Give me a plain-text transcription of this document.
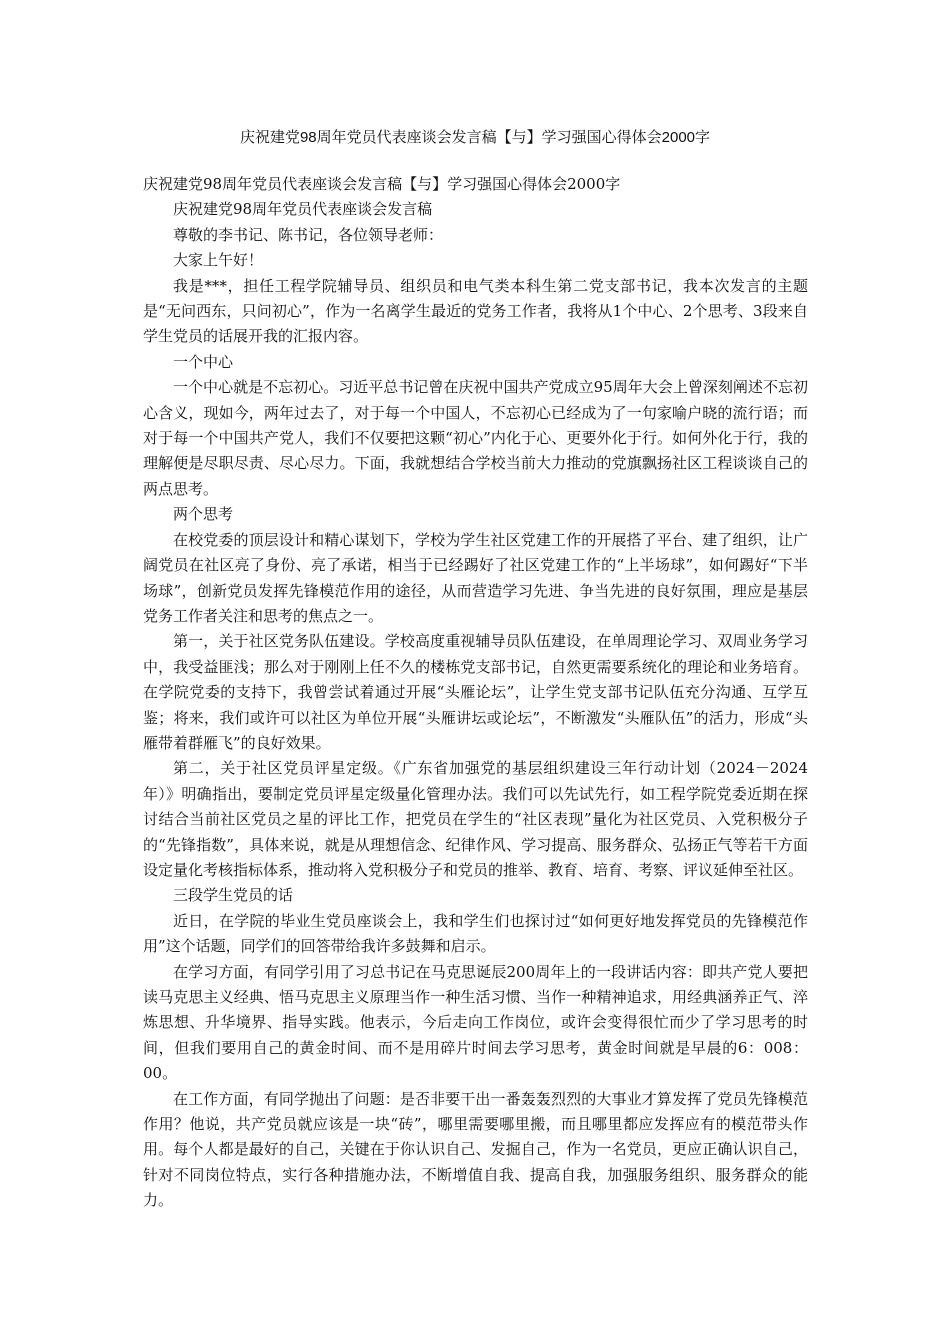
庆祝建党98周年党员代表座谈会发言稿【与】学习强国心得体会2000字

庆祝建党98周年党员代表座谈会发言稿【与】学习强国心得体会2000字

庆祝建党98周年党员代表座谈会发言稿

尊敬的李书记、陈书记，各位领导老师：

大家上午好！

我是***，担任工程学院辅导员、组织员和电气类本科生第二党支部书记，我本次发言的主题是“无问西东，只问初心”，作为一名离学生最近的党务工作者，我将从1个中心、2个思考、3段来自学生党员的话展开我的汇报内容。

一个中心

一个中心就是不忘初心。习近平总书记曾在庆祝中国共产党成立95周年大会上曾深刻阐述不忘初心含义，现如今，两年过去了，对于每一个中国人，不忘初心已经成为了一句家喻户晓的流行语；而对于每一个中国共产党人，我们不仅要把这颗“初心”内化于心、更要外化于行。如何外化于行，我的理解便是尽职尽责、尽心尽力。下面，我就想结合学校当前大力推动的党旗飘扬社区工程谈谈自己的两点思考。

两个思考

在校党委的顶层设计和精心谋划下，学校为学生社区党建工作的开展搭了平台、建了组织，让广阔党员在社区亮了身份、亮了承诺，相当于已经踢好了社区党建工作的“上半场球”，如何踢好“下半场球”，创新党员发挥先锋模范作用的途径，从而营造学习先进、争当先进的良好氛围，理应是基层党务工作者关注和思考的焦点之一。

第一，关于社区党务队伍建设。学校高度重视辅导员队伍建设，在单周理论学习、双周业务学习中，我受益匪浅；那么对于刚刚上任不久的楼栋党支部书记，自然更需要系统化的理论和业务培育。在学院党委的支持下，我曾尝试着通过开展“头雁论坛”，让学生党支部书记队伍充分沟通、互学互鉴；将来，我们或许可以社区为单位开展“头雁讲坛或论坛”，不断激发“头雁队伍”的活力，形成“头雁带着群雁飞”的良好效果。

第二，关于社区党员评星定级。《广东省加强党的基层组织建设三年行动计划（2024－2024年）》明确指出，要制定党员评星定级量化管理办法。我们可以先试先行，如工程学院党委近期在探讨结合当前社区党员之星的评比工作，把党员在学生的“社区表现”量化为社区党员、入党积极分子的“先锋指数”，具体来说，就是从理想信念、纪律作风、学习提高、服务群众、弘扬正气等若干方面设定量化考核指标体系，推动将入党积极分子和党员的推举、教育、培育、考察、评议延伸至社区。

三段学生党员的话

近日，在学院的毕业生党员座谈会上，我和学生们也探讨过“如何更好地发挥党员的先锋模范作用”这个话题，同学们的回答带给我许多鼓舞和启示。

在学习方面，有同学引用了习总书记在马克思诞辰200周年上的一段讲话内容：即共产党人要把读马克思主义经典、悟马克思主义原理当作一种生活习惯、当作一种精神追求，用经典涵养正气、淬炼思想、升华境界、指导实践。他表示，今后走向工作岗位，或许会变得很忙而少了学习思考的时间，但我们要用自己的黄金时间、而不是用碎片时间去学习思考，黄金时间就是早晨的6：008：00。

在工作方面，有同学抛出了问题：是否非要干出一番轰轰烈烈的大事业才算发挥了党员先锋模范作用？他说，共产党员就应该是一块“砖”，哪里需要哪里搬，而且哪里都应发挥应有的模范带头作用。每个人都是最好的自己，关键在于你认识自己、发掘自己，作为一名党员，更应正确认识自己，针对不同岗位特点，实行各种措施办法，不断增值自我、提高自我，加强服务组织、服务群众的能力。
